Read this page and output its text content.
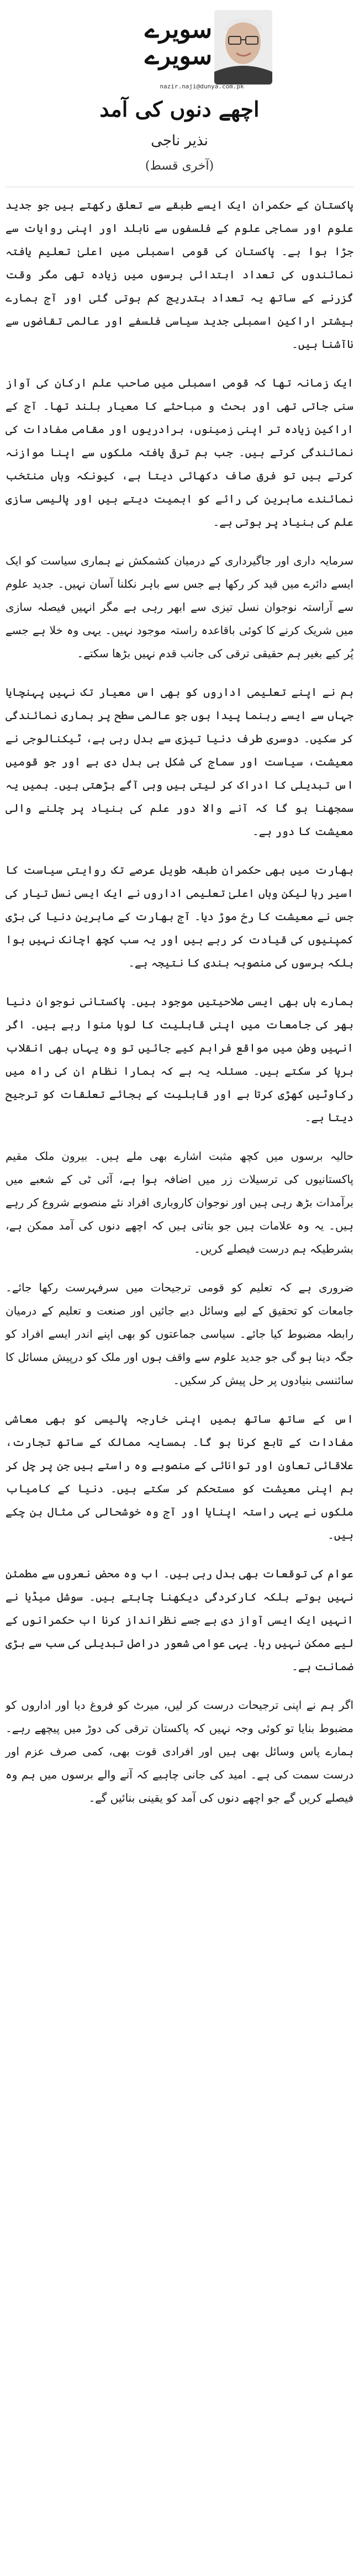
سویرے
سویرے
nazir.naji@dunya.com.pk
اچھے دنوں کی آمد
نذیر ناجی
(آخری قسط)

پاکستان کے حکمران ایک ایسے طبقے سے تعلق رکھتے ہیں جو جدید علوم اور سماجی علوم کے فلسفوں سے نابلد اور اپنی روایات سے جڑا ہوا ہے۔ پاکستان کی قومی اسمبلی میں اعلیٰ تعلیم یافتہ نمائندوں کی تعداد ابتدائی برسوں میں زیادہ تھی مگر وقت گزرنے کے ساتھ یہ تعداد بتدریج کم ہوتی گئی اور آج ہمارے بیشتر اراکین اسمبلی جدید سیاسی فلسفے اور عالمی تقاضوں سے ناآشنا ہیں۔

ایک زمانہ تھا کہ قومی اسمبلی میں صاحب علم ارکان کی آواز سنی جاتی تھی اور بحث و مباحثے کا معیار بلند تھا۔ آج کے اراکین زیادہ تر اپنی زمینوں، برادریوں اور مقامی مفادات کی نمائندگی کرتے ہیں۔ جب ہم ترقی یافتہ ملکوں سے اپنا موازنہ کرتے ہیں تو فرق صاف دکھائی دیتا ہے، کیونکہ وہاں منتخب نمائندے ماہرین کی رائے کو اہمیت دیتے ہیں اور پالیسی سازی علم کی بنیاد پر ہوتی ہے۔

سرمایہ داری اور جاگیرداری کے درمیان کشمکش نے ہماری سیاست کو ایک ایسے دائرے میں قید کر رکھا ہے جس سے باہر نکلنا آسان نہیں۔ جدید علوم سے آراستہ نوجوان نسل تیزی سے ابھر رہی ہے مگر انہیں فیصلہ سازی میں شریک کرنے کا کوئی باقاعدہ راستہ موجود نہیں۔ یہی وہ خلا ہے جسے پُر کیے بغیر ہم حقیقی ترقی کی جانب قدم نہیں بڑھا سکتے۔

ہم نے اپنے تعلیمی اداروں کو بھی اس معیار تک نہیں پہنچایا جہاں سے ایسے رہنما پیدا ہوں جو عالمی سطح پر ہماری نمائندگی کر سکیں۔ دوسری طرف دنیا تیزی سے بدل رہی ہے، ٹیکنالوجی نے معیشت، سیاست اور سماج کی شکل ہی بدل دی ہے اور جو قومیں اس تبدیلی کا ادراک کر لیتی ہیں وہی آگے بڑھتی ہیں۔ ہمیں یہ سمجھنا ہو گا کہ آنے والا دور علم کی بنیاد پر چلنے والی معیشت کا دور ہے۔

بھارت میں بھی حکمران طبقہ طویل عرصے تک روایتی سیاست کا اسیر رہا لیکن وہاں اعلیٰ تعلیمی اداروں نے ایک ایسی نسل تیار کی جس نے معیشت کا رخ موڑ دیا۔ آج بھارت کے ماہرین دنیا کی بڑی کمپنیوں کی قیادت کر رہے ہیں اور یہ سب کچھ اچانک نہیں ہوا بلکہ برسوں کی منصوبہ بندی کا نتیجہ ہے۔

ہمارے ہاں بھی ایسی صلاحیتیں موجود ہیں۔ پاکستانی نوجوان دنیا بھر کی جامعات میں اپنی قابلیت کا لوہا منوا رہے ہیں۔ اگر انہیں وطن میں مواقع فراہم کیے جائیں تو وہ یہاں بھی انقلاب برپا کر سکتے ہیں۔ مسئلہ یہ ہے کہ ہمارا نظام ان کی راہ میں رکاوٹیں کھڑی کرتا ہے اور قابلیت کے بجائے تعلقات کو ترجیح دیتا ہے۔

حالیہ برسوں میں کچھ مثبت اشارے بھی ملے ہیں۔ بیرون ملک مقیم پاکستانیوں کی ترسیلات زر میں اضافہ ہوا ہے، آئی ٹی کے شعبے میں برآمدات بڑھ رہی ہیں اور نوجوان کاروباری افراد نئے منصوبے شروع کر رہے ہیں۔ یہ وہ علامات ہیں جو بتاتی ہیں کہ اچھے دنوں کی آمد ممکن ہے، بشرطیکہ ہم درست فیصلے کریں۔

ضروری ہے کہ تعلیم کو قومی ترجیحات میں سرفہرست رکھا جائے۔ جامعات کو تحقیق کے لیے وسائل دیے جائیں اور صنعت و تعلیم کے درمیان رابطہ مضبوط کیا جائے۔ سیاسی جماعتوں کو بھی اپنے اندر ایسے افراد کو جگہ دینا ہو گی جو جدید علوم سے واقف ہوں اور ملک کو درپیش مسائل کا سائنسی بنیادوں پر حل پیش کر سکیں۔

اس کے ساتھ ساتھ ہمیں اپنی خارجہ پالیسی کو بھی معاشی مفادات کے تابع کرنا ہو گا۔ ہمسایہ ممالک کے ساتھ تجارت، علاقائی تعاون اور توانائی کے منصوبے وہ راستے ہیں جن پر چل کر ہم اپنی معیشت کو مستحکم کر سکتے ہیں۔ دنیا کے کامیاب ملکوں نے یہی راستہ اپنایا اور آج وہ خوشحالی کی مثال بن چکے ہیں۔

عوام کی توقعات بھی بدل رہی ہیں۔ اب وہ محض نعروں سے مطمئن نہیں ہوتے بلکہ کارکردگی دیکھنا چاہتے ہیں۔ سوشل میڈیا نے انہیں ایک ایسی آواز دی ہے جسے نظرانداز کرنا اب حکمرانوں کے لیے ممکن نہیں رہا۔ یہی عوامی شعور دراصل تبدیلی کی سب سے بڑی ضمانت ہے۔

اگر ہم نے اپنی ترجیحات درست کر لیں، میرٹ کو فروغ دیا اور اداروں کو مضبوط بنایا تو کوئی وجہ نہیں کہ پاکستان ترقی کی دوڑ میں پیچھے رہے۔ ہمارے پاس وسائل بھی ہیں اور افرادی قوت بھی، کمی صرف عزم اور درست سمت کی ہے۔ امید کی جانی چاہیے کہ آنے والے برسوں میں ہم وہ فیصلے کریں گے جو اچھے دنوں کی آمد کو یقینی بنائیں گے۔
